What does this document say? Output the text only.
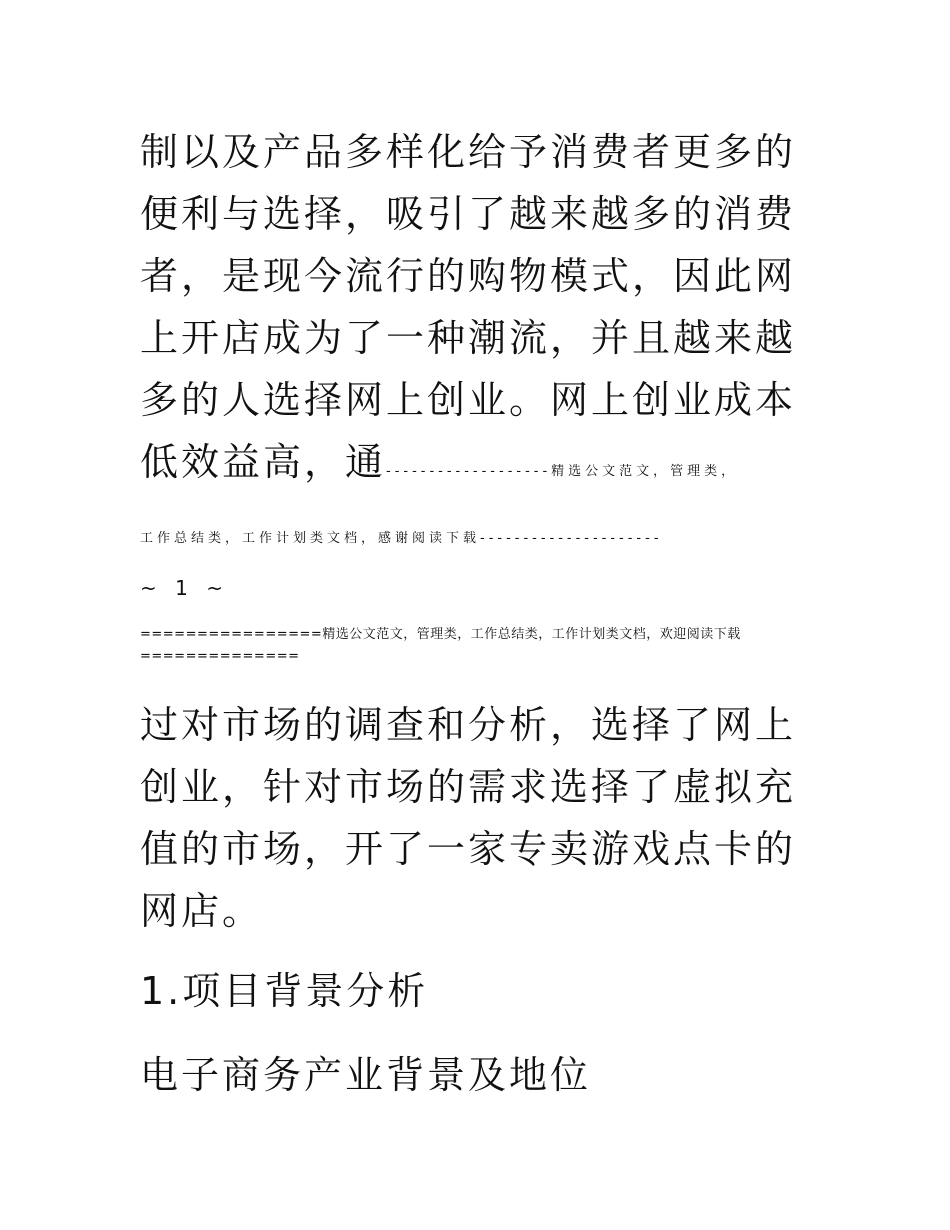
制以及产品多样化给予消费者更多的
便利与选择，吸引了越来越多的消费
者，是现今流行的购物模式，因此网
上开店成为了一种潮流，并且越来越
多的人选择网上创业。网上创业成本
低效益高，通-------------------精选公文范文，管理类，
工作总结类，工作计划类文档，感谢阅读下载---------------------
~ 1 ~
================精选公文范文，管理类，工作总结类，工作计划类文档，欢迎阅读下载==============
过对市场的调查和分析，选择了网上
创业，针对市场的需求选择了虚拟充
值的市场，开了一家专卖游戏点卡的
网店。
1.项目背景分析
电子商务产业背景及地位
